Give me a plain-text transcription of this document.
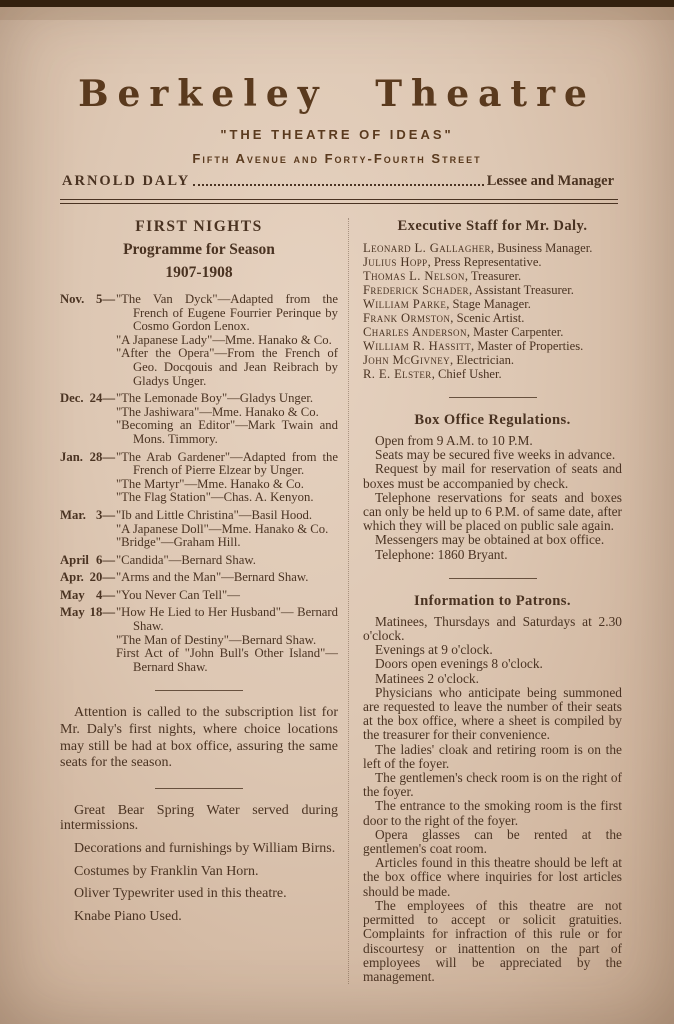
Berkeley Theatre
"THE THEATRE OF IDEAS"
Fifth Avenue and Forty-Fourth Street
ARNOLD DALY	Lessee and Manager
FIRST NIGHTS
Programme for Season
1907-1908
Nov. 5— "The Van Dyck"—Adapted from the French of Eugene Fourrier Perinque by Cosmo Gordon Lenox.

"A Japanese Lady"—Mme. Hanako & Co.

"After the Opera"—From the French of Geo. Docqouis and Jean Reibrach by Gladys Unger.

Dec. 24— "The Lemonade Boy"—Gladys Unger.

"The Jashiwara"—Mme. Hanako & Co.

"Becoming an Editor"—Mark Twain and Mons. Timmory.

Jan. 28— "The Arab Gardener"—Adapted from the French of Pierre Elzear by Unger.

"The Martyr"—Mme. Hanako & Co.

"The Flag Station"—Chas. A. Kenyon.

Mar. 3— "Ib and Little Christina"—Basil Hood.

"A Japanese Doll"—Mme. Hanako & Co.

"Bridge"—Graham Hill.

April 6— "Candida"—Bernard Shaw.

Apr. 20— "Arms and the Man"—Bernard Shaw.

May 4— "You Never Can Tell"—

May 18— "How He Lied to Her Husband"— Bernard Shaw.

"The Man of Destiny"—Bernard Shaw.

First Act of "John Bull's Other Island"—Bernard Shaw.

Attention is called to the subscription list for Mr. Daly's first nights, where choice locations may still be had at box office, assuring the same seats for the season.

Great Bear Spring Water served during intermissions.

Decorations and furnishings by William Birns.

Costumes by Franklin Van Horn.

Oliver Typewriter used in this theatre.

Knabe Piano Used.

Executive Staff for Mr. Daly.

Leonard L. Gallagher, Business Manager.

Julius Hopp, Press Representative.

Thomas L. Nelson, Treasurer.

Frederick Schader, Assistant Treasurer.

William Parke, Stage Manager.

Frank Ormston, Scenic Artist.

Charles Anderson, Master Carpenter.

William R. Hassitt, Master of Properties.

John McGivney, Electrician.

R. E. Elster, Chief Usher.

Box Office Regulations.

Open from 9 A.M. to 10 P.M.

Seats may be secured five weeks in advance.

Request by mail for reservation of seats and boxes must be accompanied by check.

Telephone reservations for seats and boxes can only be held up to 6 P.M. of same date, after which they will be placed on public sale again.

Messengers may be obtained at box office.

Telephone: 1860 Bryant.

Information to Patrons.

Matinees, Thursdays and Saturdays at 2.30 o'clock.

Evenings at 9 o'clock.

Doors open evenings 8 o'clock.

Matinees 2 o'clock.

Physicians who anticipate being summoned are requested to leave the number of their seats at the box office, where a sheet is compiled by the treasurer for their convenience.

The ladies' cloak and retiring room is on the left of the foyer.

The gentlemen's check room is on the right of the foyer.

The entrance to the smoking room is the first door to the right of the foyer.

Opera glasses can be rented at the gentlemen's coat room.

Articles found in this theatre should be left at the box office where inquiries for lost articles should be made.

The employees of this theatre are not permitted to accept or solicit gratuities. Complaints for infraction of this rule or for discourtesy or inattention on the part of employees will be appreciated by the management.
